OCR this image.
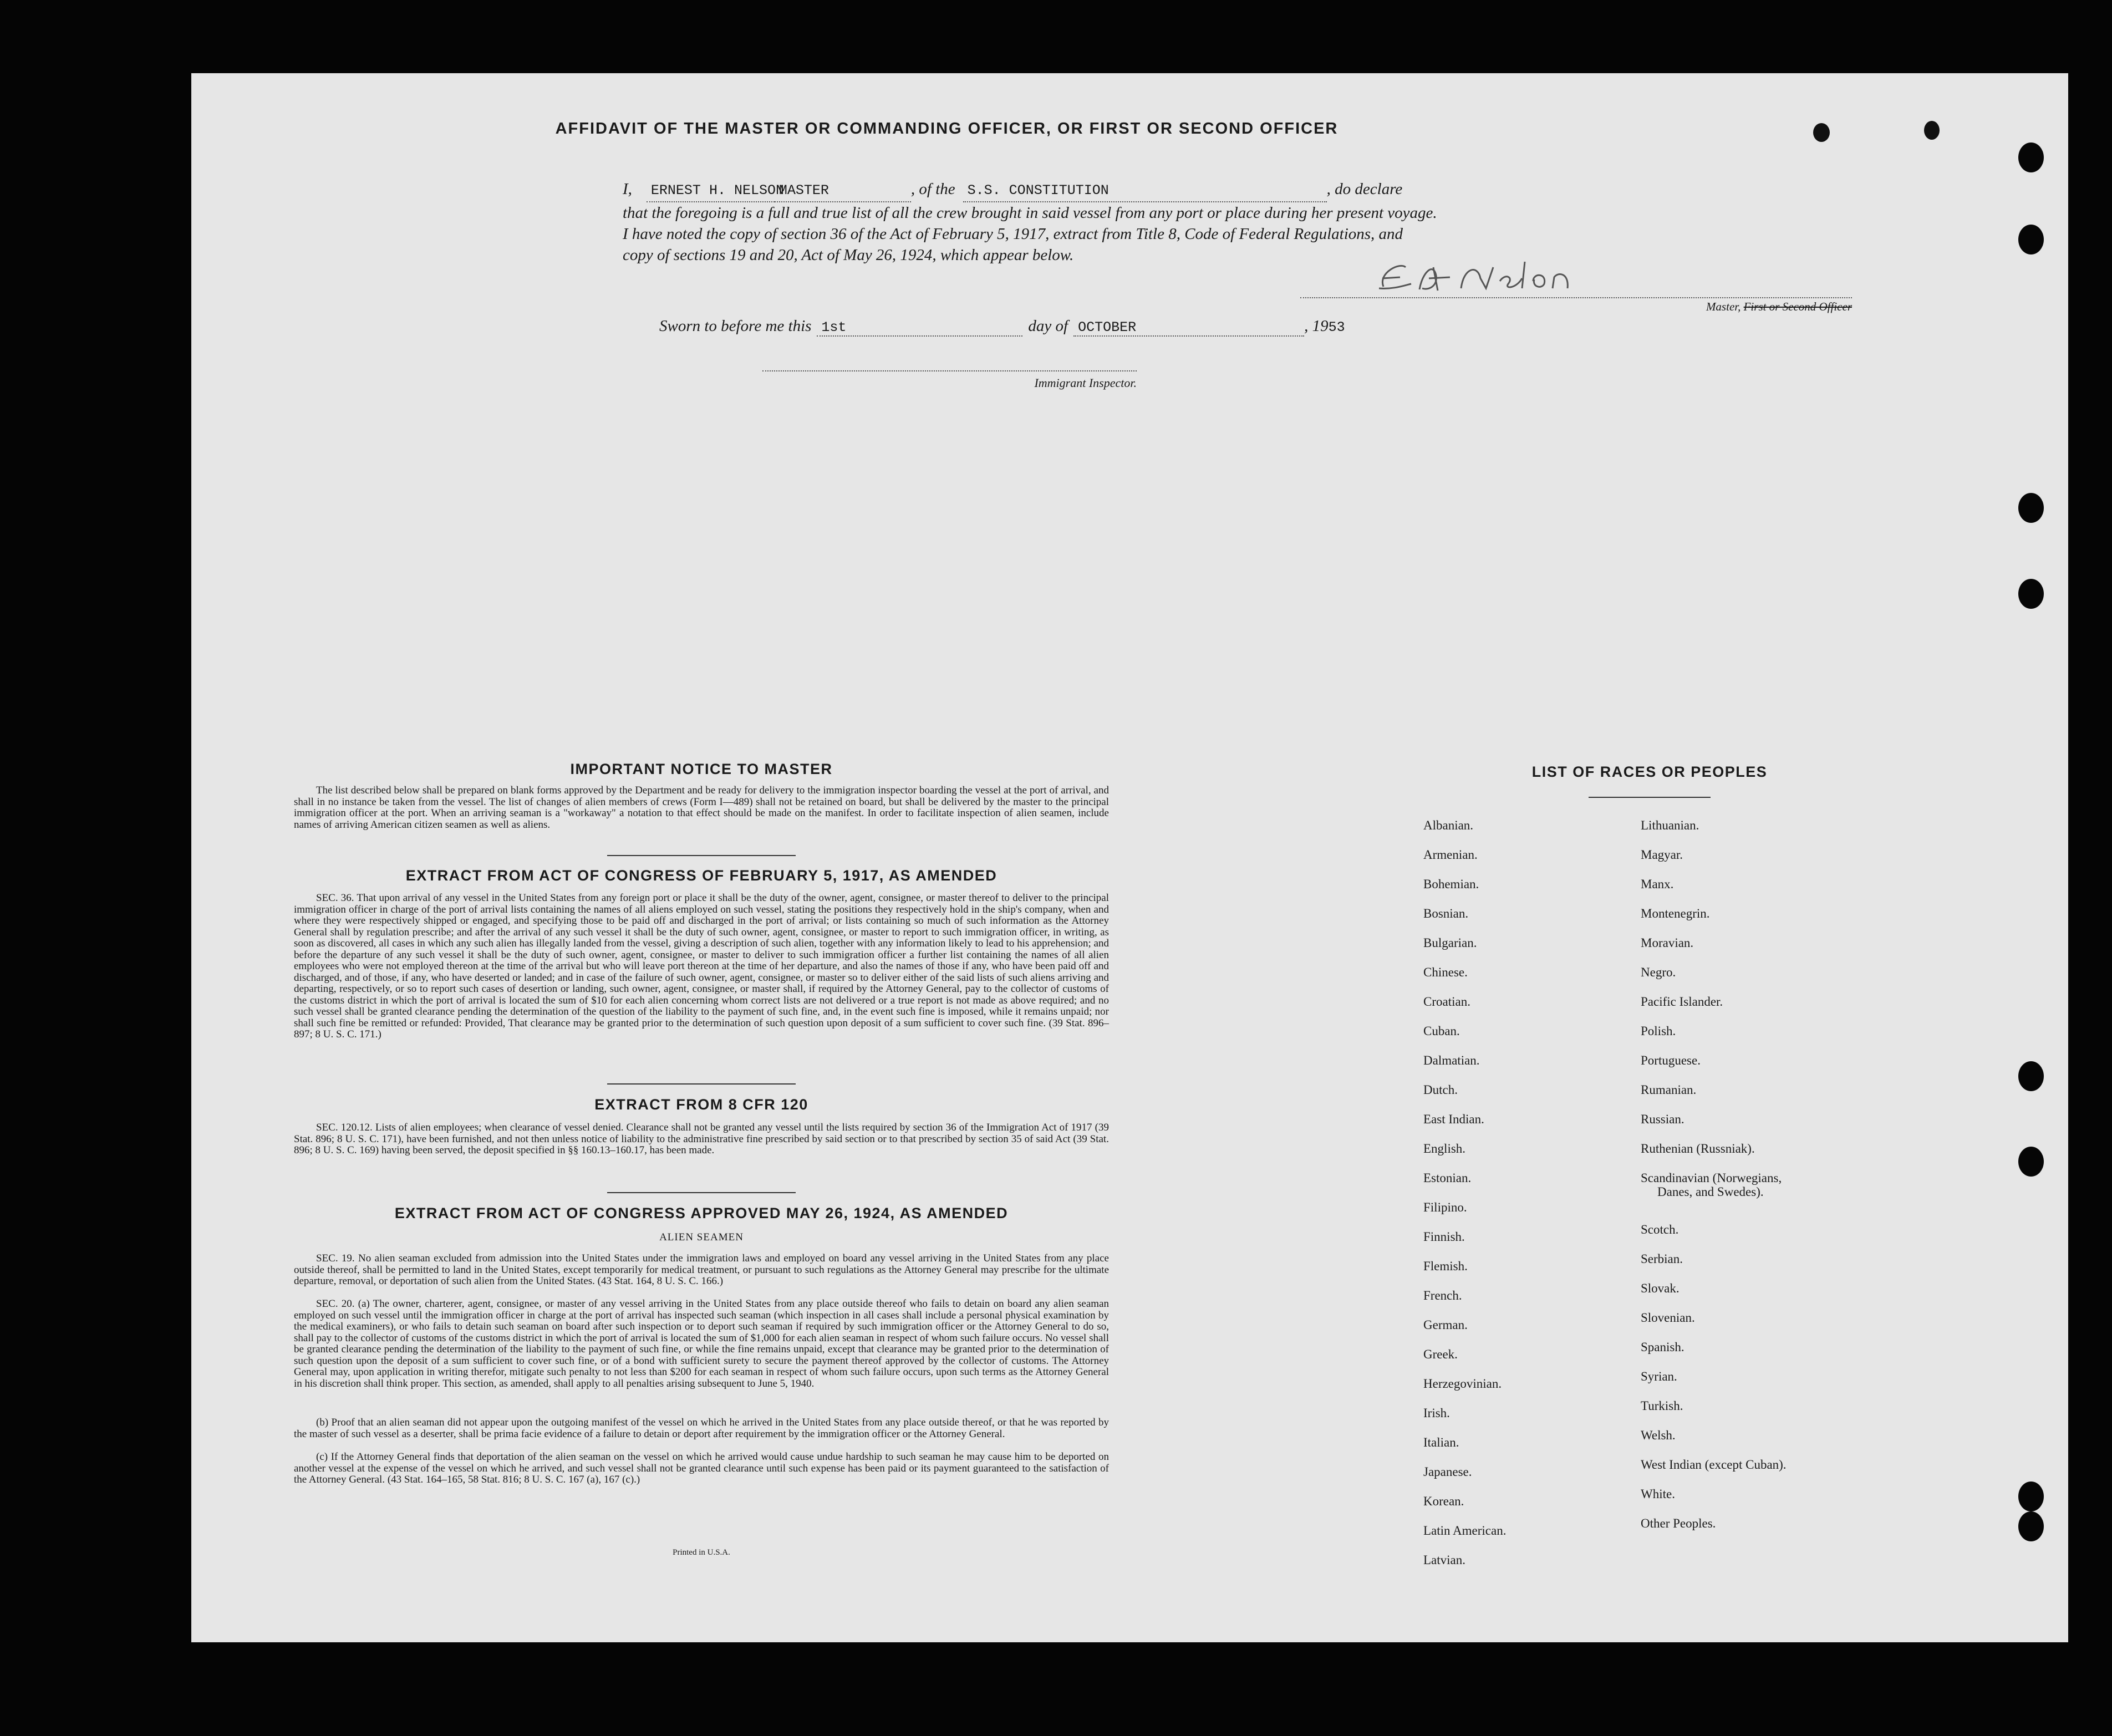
AFFIDAVIT OF THE MASTER OR COMMANDING OFFICER, OR FIRST OR SECOND OFFICER
I,	ERNEST H. NELSON
MASTER	, of the S.S. CONSTITUTION	, do declare
that the foregoing is a full and true list of all the crew brought in said vessel from any port or place during her present voyage.
I have noted the copy of section 36 of the Act of February 5, 1917, extract from Title 8, Code of Federal Regulations, and
copy of sections 19 and 20, Act of May 26, 1924, which appear below.
Master, First or Second Officer
Sworn to before me this 1st	day of OCTOBER	, 19 53
Immigrant Inspector.
IMPORTANT NOTICE TO MASTER
The list described below shall be prepared on blank forms approved by the Department and be ready for delivery to the immigration inspector boarding the vessel at the port of arrival, and shall in no instance be taken from the vessel. The list of changes of alien members of crews (Form I—489) shall not be retained on board, but shall be delivered by the master to the principal immigration officer at the port. When an arriving seaman is a "workaway" a notation to that effect should be made on the manifest. In order to facilitate inspection of alien seamen, include names of arriving American citizen seamen as well as aliens.
EXTRACT FROM ACT OF CONGRESS OF FEBRUARY 5, 1917, AS AMENDED
SEC. 36. That upon arrival of any vessel in the United States from any foreign port or place it shall be the duty of the owner, agent, consignee, or master thereof to deliver to the principal immigration officer in charge of the port of arrival lists containing the names of all aliens employed on such vessel, stating the positions they respectively hold in the ship's company, when and where they were respectively shipped or engaged, and specifying those to be paid off and discharged in the port of arrival; or lists containing so much of such information as the Attorney General shall by regulation prescribe; and after the arrival of any such vessel it shall be the duty of such owner, agent, consignee, or master to report to such immigration officer, in writing, as soon as discovered, all cases in which any such alien has illegally landed from the vessel, giving a description of such alien, together with any information likely to lead to his apprehension; and before the departure of any such vessel it shall be the duty of such owner, agent, consignee, or master to deliver to such immigration officer a further list containing the names of all alien employees who were not employed thereon at the time of the arrival but who will leave port thereon at the time of her departure, and also the names of those if any, who have been paid off and discharged, and of those, if any, who have deserted or landed; and in case of the failure of such owner, agent, consignee, or master so to deliver either of the said lists of such aliens arriving and departing, respectively, or so to report such cases of desertion or landing, such owner, agent, consignee, or master shall, if required by the Attorney General, pay to the collector of customs of the customs district in which the port of arrival is located the sum of $10 for each alien concerning whom correct lists are not delivered or a true report is not made as above required; and no such vessel shall be granted clearance pending the determination of the question of the liability to the payment of such fine, and, in the event such fine is imposed, while it remains unpaid; nor shall such fine be remitted or refunded: Provided, That clearance may be granted prior to the determination of such question upon deposit of a sum sufficient to cover such fine. (39 Stat. 896–897; 8 U. S. C. 171.)
EXTRACT FROM 8 CFR 120
SEC. 120.12. Lists of alien employees; when clearance of vessel denied. Clearance shall not be granted any vessel until the lists required by section 36 of the Immigration Act of 1917 (39 Stat. 896; 8 U. S. C. 171), have been furnished, and not then unless notice of liability to the administrative fine prescribed by said section or to that prescribed by section 35 of said Act (39 Stat. 896; 8 U. S. C. 169) having been served, the deposit specified in §§ 160.13–160.17, has been made.
EXTRACT FROM ACT OF CONGRESS APPROVED MAY 26, 1924, AS AMENDED
ALIEN SEAMEN
SEC. 19. No alien seaman excluded from admission into the United States under the immigration laws and employed on board any vessel arriving in the United States from any place outside thereof, shall be permitted to land in the United States, except temporarily for medical treatment, or pursuant to such regulations as the Attorney General may prescribe for the ultimate departure, removal, or deportation of such alien from the United States. (43 Stat. 164, 8 U. S. C. 166.)
SEC. 20. (a) The owner, charterer, agent, consignee, or master of any vessel arriving in the United States from any place outside thereof who fails to detain on board any alien seaman employed on such vessel until the immigration officer in charge at the port of arrival has inspected such seaman (which inspection in all cases shall include a personal physical examination by the medical examiners), or who fails to detain such seaman on board after such inspection or to deport such seaman if required by such immigration officer or the Attorney General to do so, shall pay to the collector of customs of the customs district in which the port of arrival is located the sum of $1,000 for each alien seaman in respect of whom such failure occurs. No vessel shall be granted clearance pending the determination of the liability to the payment of such fine, or while the fine remains unpaid, except that clearance may be granted prior to the determination of such question upon the deposit of a sum sufficient to cover such fine, or of a bond with sufficient surety to secure the payment thereof approved by the collector of customs. The Attorney General may, upon application in writing therefor, mitigate such penalty to not less than $200 for each seaman in respect of whom such failure occurs, upon such terms as the Attorney General in his discretion shall think proper. This section, as amended, shall apply to all penalties arising subsequent to June 5, 1940.
(b) Proof that an alien seaman did not appear upon the outgoing manifest of the vessel on which he arrived in the United States from any place outside thereof, or that he was reported by the master of such vessel as a deserter, shall be prima facie evidence of a failure to detain or deport after requirement by the immigration officer or the Attorney General.
(c) If the Attorney General finds that deportation of the alien seaman on the vessel on which he arrived would cause undue hardship to such seaman he may cause him to be deported on another vessel at the expense of the vessel on which he arrived, and such vessel shall not be granted clearance until such expense has been paid or its payment guaranteed to the satisfaction of the Attorney General. (43 Stat. 164–165, 58 Stat. 816; 8 U. S. C. 167 (a), 167 (c).)
Printed in U.S.A.
LIST OF RACES OR PEOPLES
Albanian.
Armenian.
Bohemian.
Bosnian.
Bulgarian.
Chinese.
Croatian.
Cuban.
Dalmatian.
Dutch.
East Indian.
English.
Estonian.
Filipino.
Finnish.
Flemish.
French.
German.
Greek.
Herzegovinian.
Irish.
Italian.
Japanese.
Korean.
Latin American.
Latvian.
Lithuanian.
Magyar.
Manx.
Montenegrin.
Moravian.
Negro.
Pacific Islander.
Polish.
Portuguese.
Rumanian.
Russian.
Ruthenian (Russniak).
Scandinavian (Norwegians,
Danes, and Swedes).
Scotch.
Serbian.
Slovak.
Slovenian.
Spanish.
Syrian.
Turkish.
Welsh.
West Indian (except Cuban).
White.
Other Peoples.
